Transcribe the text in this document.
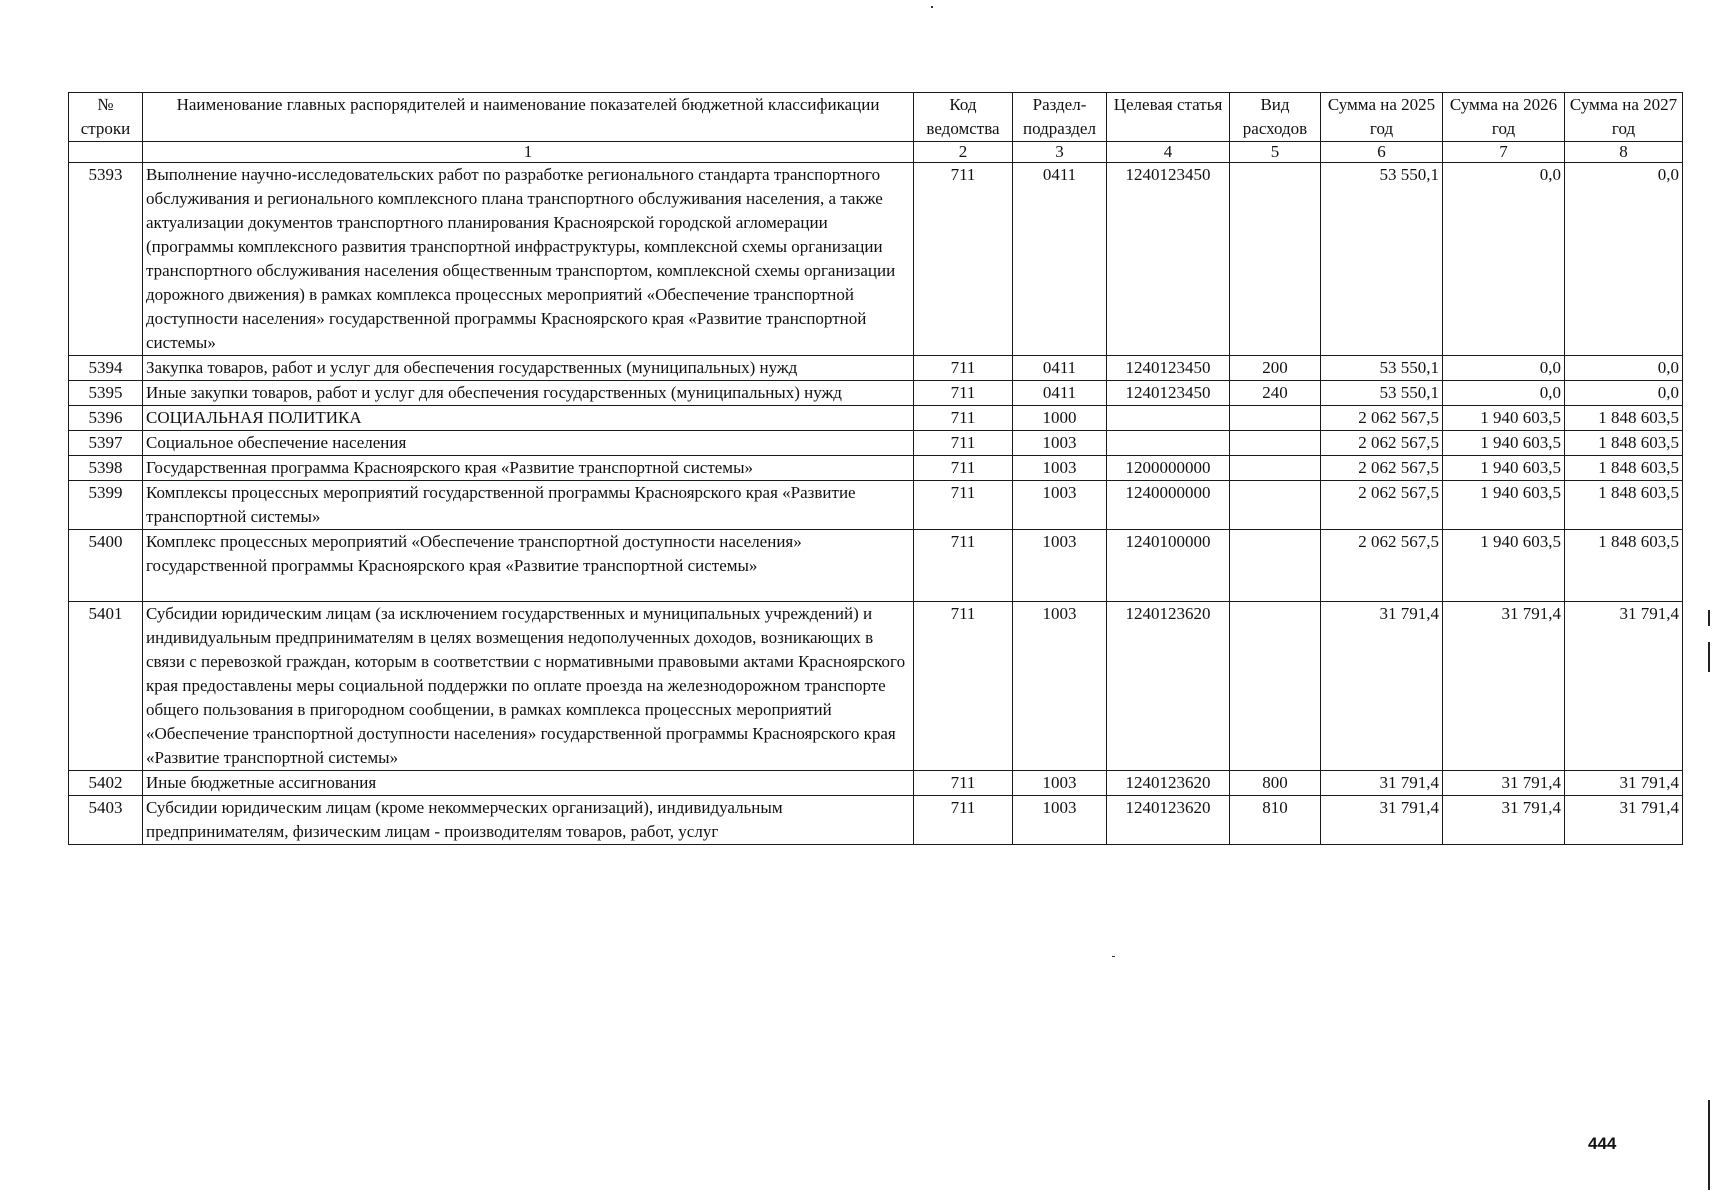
№ строки	Наименование главных распорядителей и наименование показателей бюджетной классификации	Код ведомства	Раздел-подраздел	Целевая статья	Вид расходов	Сумма на 2025 год	Сумма на 2026 год	Сумма на 2027 год
	1	2	3	4	5	6	7	8
5393	Выполнение научно-исследовательских работ по разработке регионального стандарта транспортного обслуживания и регионального комплексного плана транспортного обслуживания населения, а также актуализации документов транспортного планирования Красноярской городской агломерации (программы комплексного развития транспортной инфраструктуры, комплексной схемы организации транспортного обслуживания населения общественным транспортом, комплексной схемы организации дорожного движения) в рамках комплекса процессных мероприятий «Обеспечение транспортной доступности населения» государственной программы Красноярского края «Развитие транспортной системы»	711	0411	1240123450		53 550,1	0,0	0,0
5394	Закупка товаров, работ и услуг для обеспечения государственных (муниципальных) нужд	711	0411	1240123450	200	53 550,1	0,0	0,0
5395	Иные закупки товаров, работ и услуг для обеспечения государственных (муниципальных) нужд	711	0411	1240123450	240	53 550,1	0,0	0,0
5396	СОЦИАЛЬНАЯ ПОЛИТИКА	711	1000			2 062 567,5	1 940 603,5	1 848 603,5
5397	Социальное обеспечение населения	711	1003			2 062 567,5	1 940 603,5	1 848 603,5
5398	Государственная программа Красноярского края «Развитие транспортной системы»	711	1003	1200000000		2 062 567,5	1 940 603,5	1 848 603,5
5399	Комплексы процессных мероприятий государственной программы Красноярского края «Развитие транспортной системы»	711	1003	1240000000		2 062 567,5	1 940 603,5	1 848 603,5
5400	Комплекс процессных мероприятий «Обеспечение транспортной доступности населения» государственной программы Красноярского края «Развитие транспортной системы»	711	1003	1240100000		2 062 567,5	1 940 603,5	1 848 603,5
5401	Субсидии юридическим лицам (за исключением государственных и муниципальных учреждений) и индивидуальным предпринимателям в целях возмещения недополученных доходов, возникающих в связи с перевозкой граждан, которым в соответствии с нормативными правовыми актами Красноярского края предоставлены меры социальной поддержки по оплате проезда на железнодорожном транспорте общего пользования в пригородном сообщении, в рамках комплекса процессных мероприятий «Обеспечение транспортной доступности населения» государственной программы Красноярского края «Развитие транспортной системы»	711	1003	1240123620		31 791,4	31 791,4	31 791,4
5402	Иные бюджетные ассигнования	711	1003	1240123620	800	31 791,4	31 791,4	31 791,4
5403	Субсидии юридическим лицам (кроме некоммерческих организаций), индивидуальным предпринимателям, физическим лицам - производителям товаров, работ, услуг	711	1003	1240123620	810	31 791,4	31 791,4	31 791,4
444
